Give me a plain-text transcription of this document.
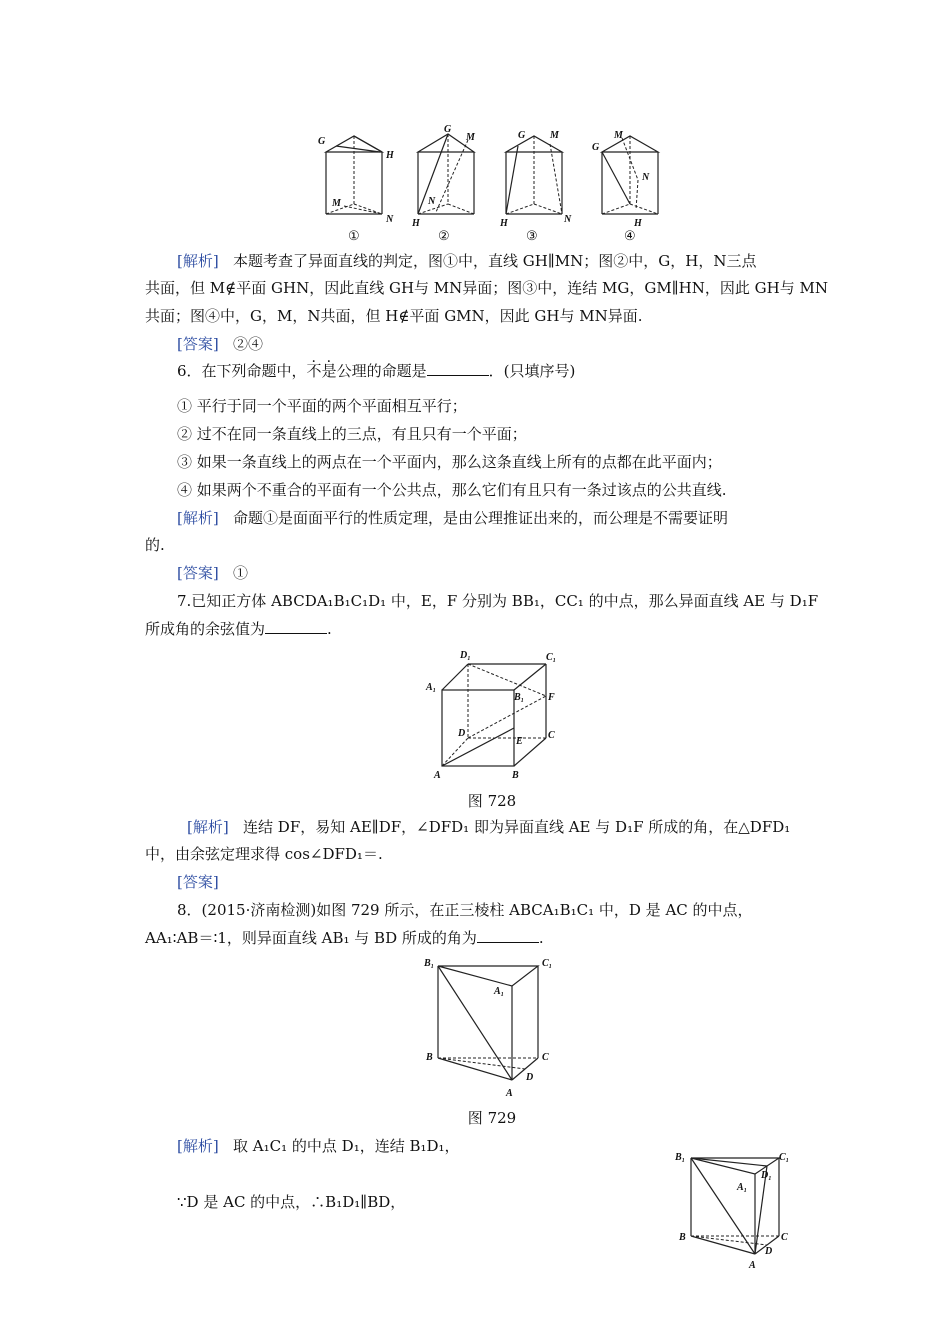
G
H
M
N
①
G
M
N
H
②
G M
H	N
③
M
G
N
H
④
[解析] 本题考查了异面直线的判定，图①中，直线 GH∥MN；图②中，G，H，N三点
共面，但 M∉平面 GHN，因此直线 GH与 MN异面；图③中，连结 MG，GM∥HN，因此 GH与 MN
共面；图④中，G，M，N共面，但 H∉平面 GMN，因此 GH与 MN异面.
[答案] ②④
6．在下列命题中，不是公理的命题是	．(只填序号)
① 平行于同一个平面的两个平面相互平行；
② 过不在同一条直线上的三点，有且只有一个平面；
③ 如果一条直线上的两点在一个平面内，那么这条直线上所有的点都在此平面内；
④ 如果两个不重合的平面有一个公共点，那么它们有且只有一条过该点的公共直线.
[解析] 命题①是面面平行的性质定理，是由公理推证出来的，而公理是不需要证明
的.
[答案] ①
7.已知正方体 ABCDA₁B₁C₁D₁ 中，E，F 分别为 BB₁，CC₁ 的中点，那么异面直线 AE 与 D₁F
所成角的余弦值为	.
D₁	C₁
A₁
B₁ F
D
E
C
A	B
图 728
[解析] 连结 DF，易知 AE∥DF，∠DFD₁ 即为异面直线 AE 与 D₁F 所成的角，在△DFD₁
中，由余弦定理求得 cos∠DFD₁＝.
[答案]
8．(2015·济南检测)如图 729 所示，在正三棱柱 ABCA₁B₁C₁ 中，D 是 AC 的中点，
AA₁∶AB＝∶1，则异面直线 AB₁ 与 BD 所成的角为	.
B₁	C₁
A₁
B	C
D
A
图 729
[解析] 取 A₁C₁ 的中点 D₁，连结 B₁D₁，
∵D 是 AC 的中点，∴B₁D₁∥BD，
B₁	C₁
A₁
D₁
B	C
D
A
